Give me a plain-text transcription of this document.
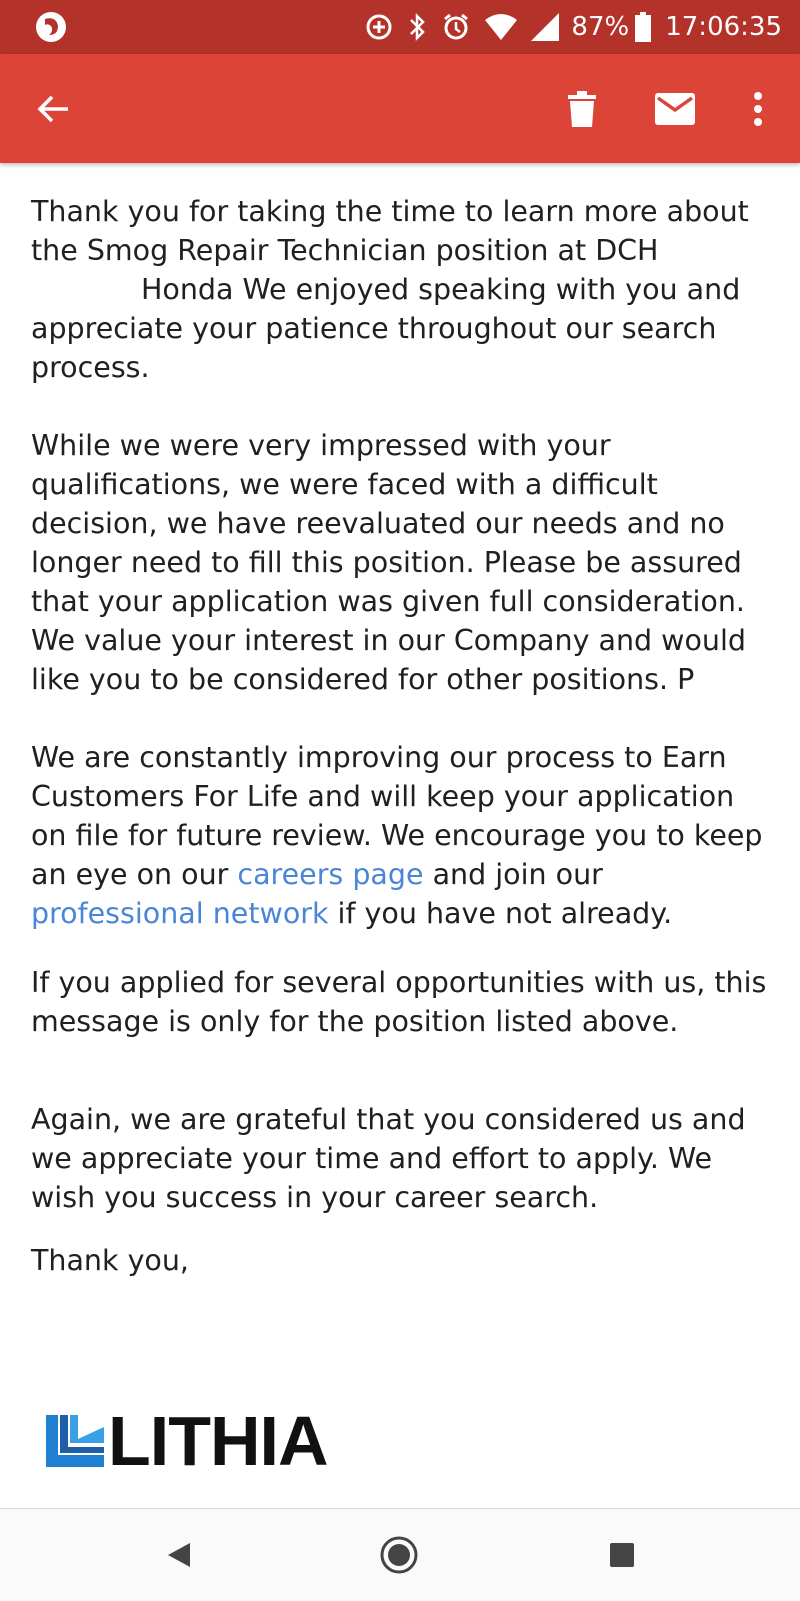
87% 17:06:35

Thank you for taking the time to learn more about the Smog Repair Technician position at DCH Honda We enjoyed speaking with you and appreciate your patience throughout our search process.

While we were very impressed with your qualifications, we were faced with a difficult decision, we have reevaluated our needs and no longer need to fill this position. Please be assured that your application was given full consideration. We value your interest in our Company and would like you to be considered for other positions. P

We are constantly improving our process to Earn Customers For Life and will keep your application on file for future review. We encourage you to keep an eye on our careers page and join our professional network if you have not already.

If you applied for several opportunities with us, this message is only for the position listed above.

Again, we are grateful that you considered us and we appreciate your time and effort to apply. We wish you success in your career search.

Thank you,

LITHIA
